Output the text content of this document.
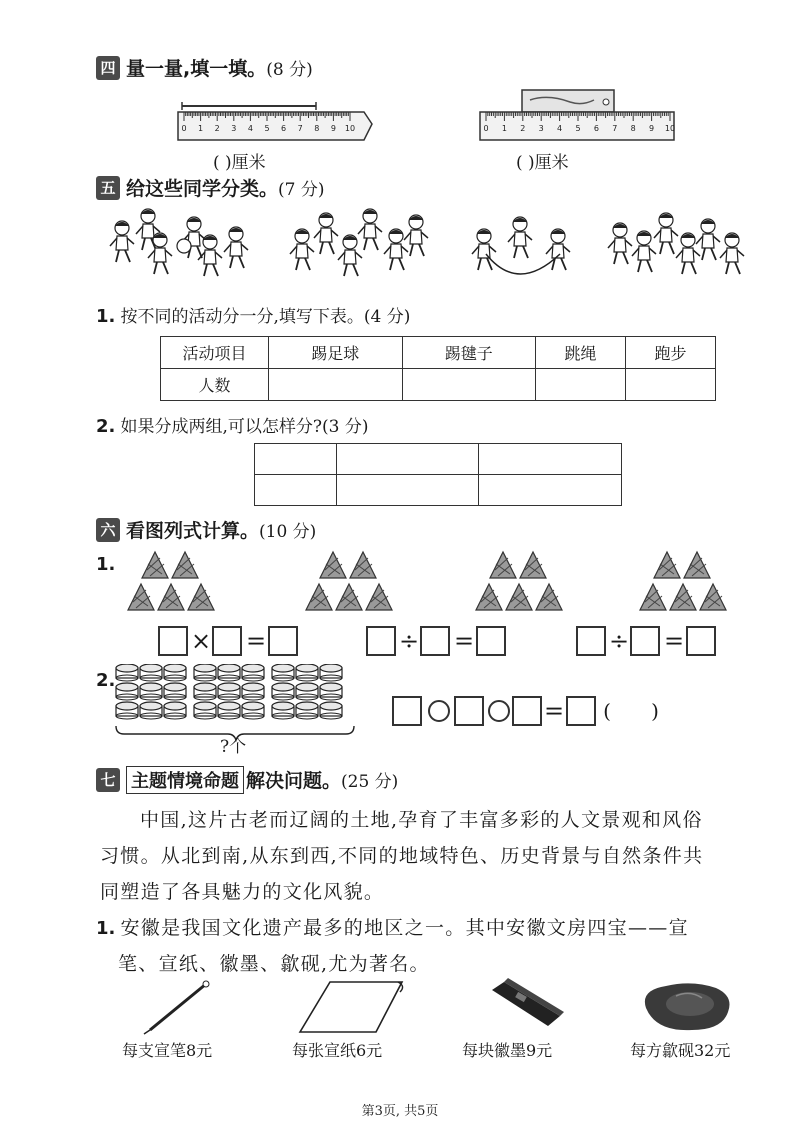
四 量一量,填一填。(8 分)
0 1 2 3 4 5 6 7 8 9 10
( )厘米
0 1 2 3 4 5 6 7 8 9 10
( )厘米
五 给这些同学分类。(7 分)
1. 按不同的活动分一分,填写下表。(4 分)
活动项目	踢足球	踢毽子	跳绳	跑步
人数				
2. 如果分成两组,可以怎样分?(3 分)

六 看图列式计算。(10 分)
1.
× =	÷ =	÷ =
2.
?个
= ( )
七 主题情境命题 解决问题。(25 分)
中国,这片古老而辽阔的土地,孕育了丰富多彩的人文景观和风俗
习惯。从北到南,从东到西,不同的地域特色、历史背景与自然条件共
同塑造了各具魅力的文化风貌。
1. 安徽是我国文化遗产最多的地区之一。其中安徽文房四宝——宣
笔、宣纸、徽墨、歙砚,尤为著名。
每支宣笔8元	每张宣纸6元	每块徽墨9元	每方歙砚32元
第3页, 共5页
